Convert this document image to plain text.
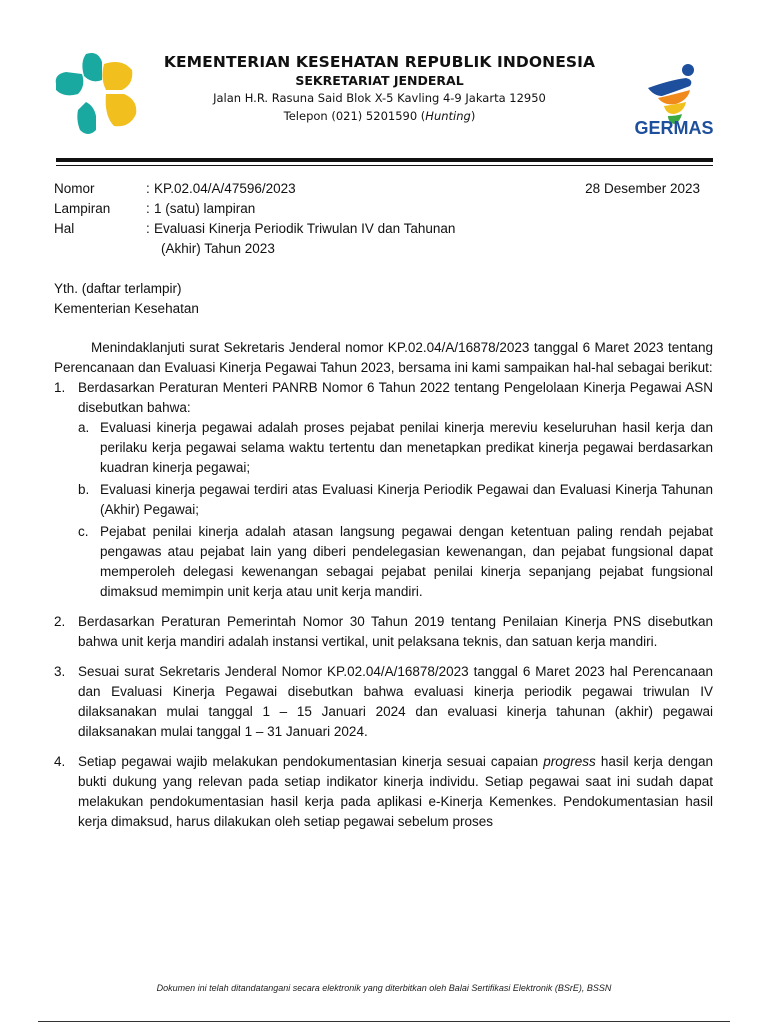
KEMENTERIAN KESEHATAN REPUBLIK INDONESIA

SEKRETARIAT JENDERAL

Jalan H.R. Rasuna Said Blok X-5 Kavling 4-9 Jakarta 12950

Telepon (021) 5201590 (Hunting)

GERMAS
Nomor	: KP.02.04/A/47596/2023
Lampiran	: 1 (satu) lampiran
Hal	: Evaluasi Kinerja Periodik Triwulan IV dan Tahunan
(Akhir) Tahun 2023
28 Desember 2023
Yth. (daftar terlampir)
Kementerian Kesehatan

Menindaklanjuti surat Sekretaris Jenderal nomor KP.02.04/A/16878/2023 tanggal 6 Maret 2023 tentang Perencanaan dan Evaluasi Kinerja Pegawai Tahun 2023, bersama ini kami sampaikan hal-hal sebagai berikut:

1. Berdasarkan Peraturan Menteri PANRB Nomor 6 Tahun 2022 tentang Pengelolaan Kinerja Pegawai ASN disebutkan bahwa:

a. Evaluasi kinerja pegawai adalah proses pejabat penilai kinerja mereviu keseluruhan hasil kerja dan perilaku kerja pegawai selama waktu tertentu dan menetapkan predikat kinerja pegawai berdasarkan kuadran kinerja pegawai;

b. Evaluasi kinerja pegawai terdiri atas Evaluasi Kinerja Periodik Pegawai dan Evaluasi Kinerja Tahunan (Akhir) Pegawai;

c. Pejabat penilai kinerja adalah atasan langsung pegawai dengan ketentuan paling rendah pejabat pengawas atau pejabat lain yang diberi pendelegasian kewenangan, dan pejabat fungsional dapat memperoleh delegasi kewenangan sebagai pejabat penilai kinerja sepanjang pejabat fungsional dimaksud memimpin unit kerja atau unit kerja mandiri.

2. Berdasarkan Peraturan Pemerintah Nomor 30 Tahun 2019 tentang Penilaian Kinerja PNS disebutkan bahwa unit kerja mandiri adalah instansi vertikal, unit pelaksana teknis, dan satuan kerja mandiri.

3. Sesuai surat Sekretaris Jenderal Nomor KP.02.04/A/16878/2023 tanggal 6 Maret 2023 hal Perencanaan dan Evaluasi Kinerja Pegawai disebutkan bahwa evaluasi kinerja periodik pegawai triwulan IV dilaksanakan mulai tanggal 1 – 15 Januari 2024 dan evaluasi kinerja tahunan (akhir) pegawai dilaksanakan mulai tanggal 1 – 31 Januari 2024.

4. Setiap pegawai wajib melakukan pendokumentasian kinerja sesuai capaian progress hasil kerja dengan bukti dukung yang relevan pada setiap indikator kinerja individu. Setiap pegawai saat ini sudah dapat melakukan pendokumentasian hasil kerja pada aplikasi e-Kinerja Kemenkes. Pendokumentasian hasil kerja dimaksud, harus dilakukan oleh setiap pegawai sebelum proses

Dokumen ini telah ditandatangani secara elektronik yang diterbitkan oleh Balai Sertifikasi Elektronik (BSrE), BSSN
